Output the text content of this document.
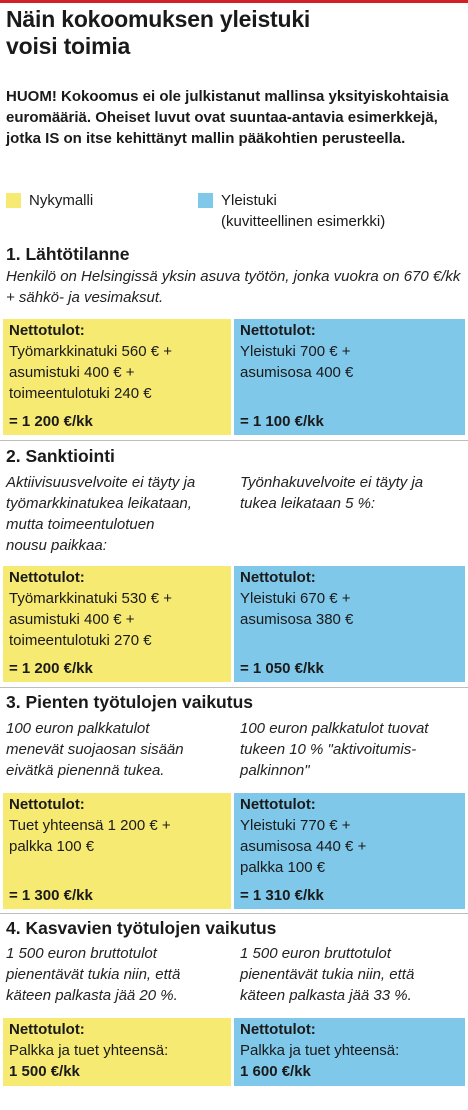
Näin kokoomuksen yleistuki
voisi toimia
HUOM! Kokoomus ei ole julkistanut mallinsa yksityiskohtaisia euromääriä. Oheiset luvut ovat suuntaa-antavia esimerkkejä, jotka IS on itse kehittänyt mallin pääkohtien perusteella.
Nykymalli	Yleistuki
(kuvitteellinen esimerkki)
1. Lähtötilanne
Henkilö on Helsingissä yksin asuva työtön, jonka vuokra on 670 €/kk + sähkö- ja vesimaksut.
Nettotulot:
Työmarkkinatuki 560 € +
asumistuki 400 € +
toimeentulotuki 240 €
= 1 200 €/kk
Nettotulot:
Yleistuki 700 € +
asumisosa 400 €
= 1 100 €/kk
2. Sanktiointi
Aktiivisuusvelvoite ei täyty ja
työmarkkinatukea leikataan,
mutta toimeentulotuen
nousu paikkaa:
Työnhakuvelvoite ei täyty ja
tukea leikataan 5 %:
Nettotulot:
Työmarkkinatuki 530 € +
asumistuki 400 € +
toimeentulotuki 270 €
= 1 200 €/kk
Nettotulot:
Yleistuki 670 € +
asumisosa 380 €
= 1 050 €/kk
3. Pienten työtulojen vaikutus
100 euron palkkatulot
menevät suojaosan sisään
eivätkä pienennä tukea.
100 euron palkkatulot tuovat
tukeen 10 % "aktivoitumis-
palkinnon"
Nettotulot:
Tuet yhteensä 1 200 € +
palkka 100 €
= 1 300 €/kk
Nettotulot:
Yleistuki 770 € +
asumisosa 440 € +
palkka 100 €
= 1 310 €/kk
4. Kasvavien työtulojen vaikutus
1 500 euron bruttotulot
pienentävät tukia niin, että
käteen palkasta jää 20 %.
1 500 euron bruttotulot
pienentävät tukia niin, että
käteen palkasta jää 33 %.
Nettotulot:
Palkka ja tuet yhteensä:
1 500 €/kk
Nettotulot:
Palkka ja tuet yhteensä:
1 600 €/kk
